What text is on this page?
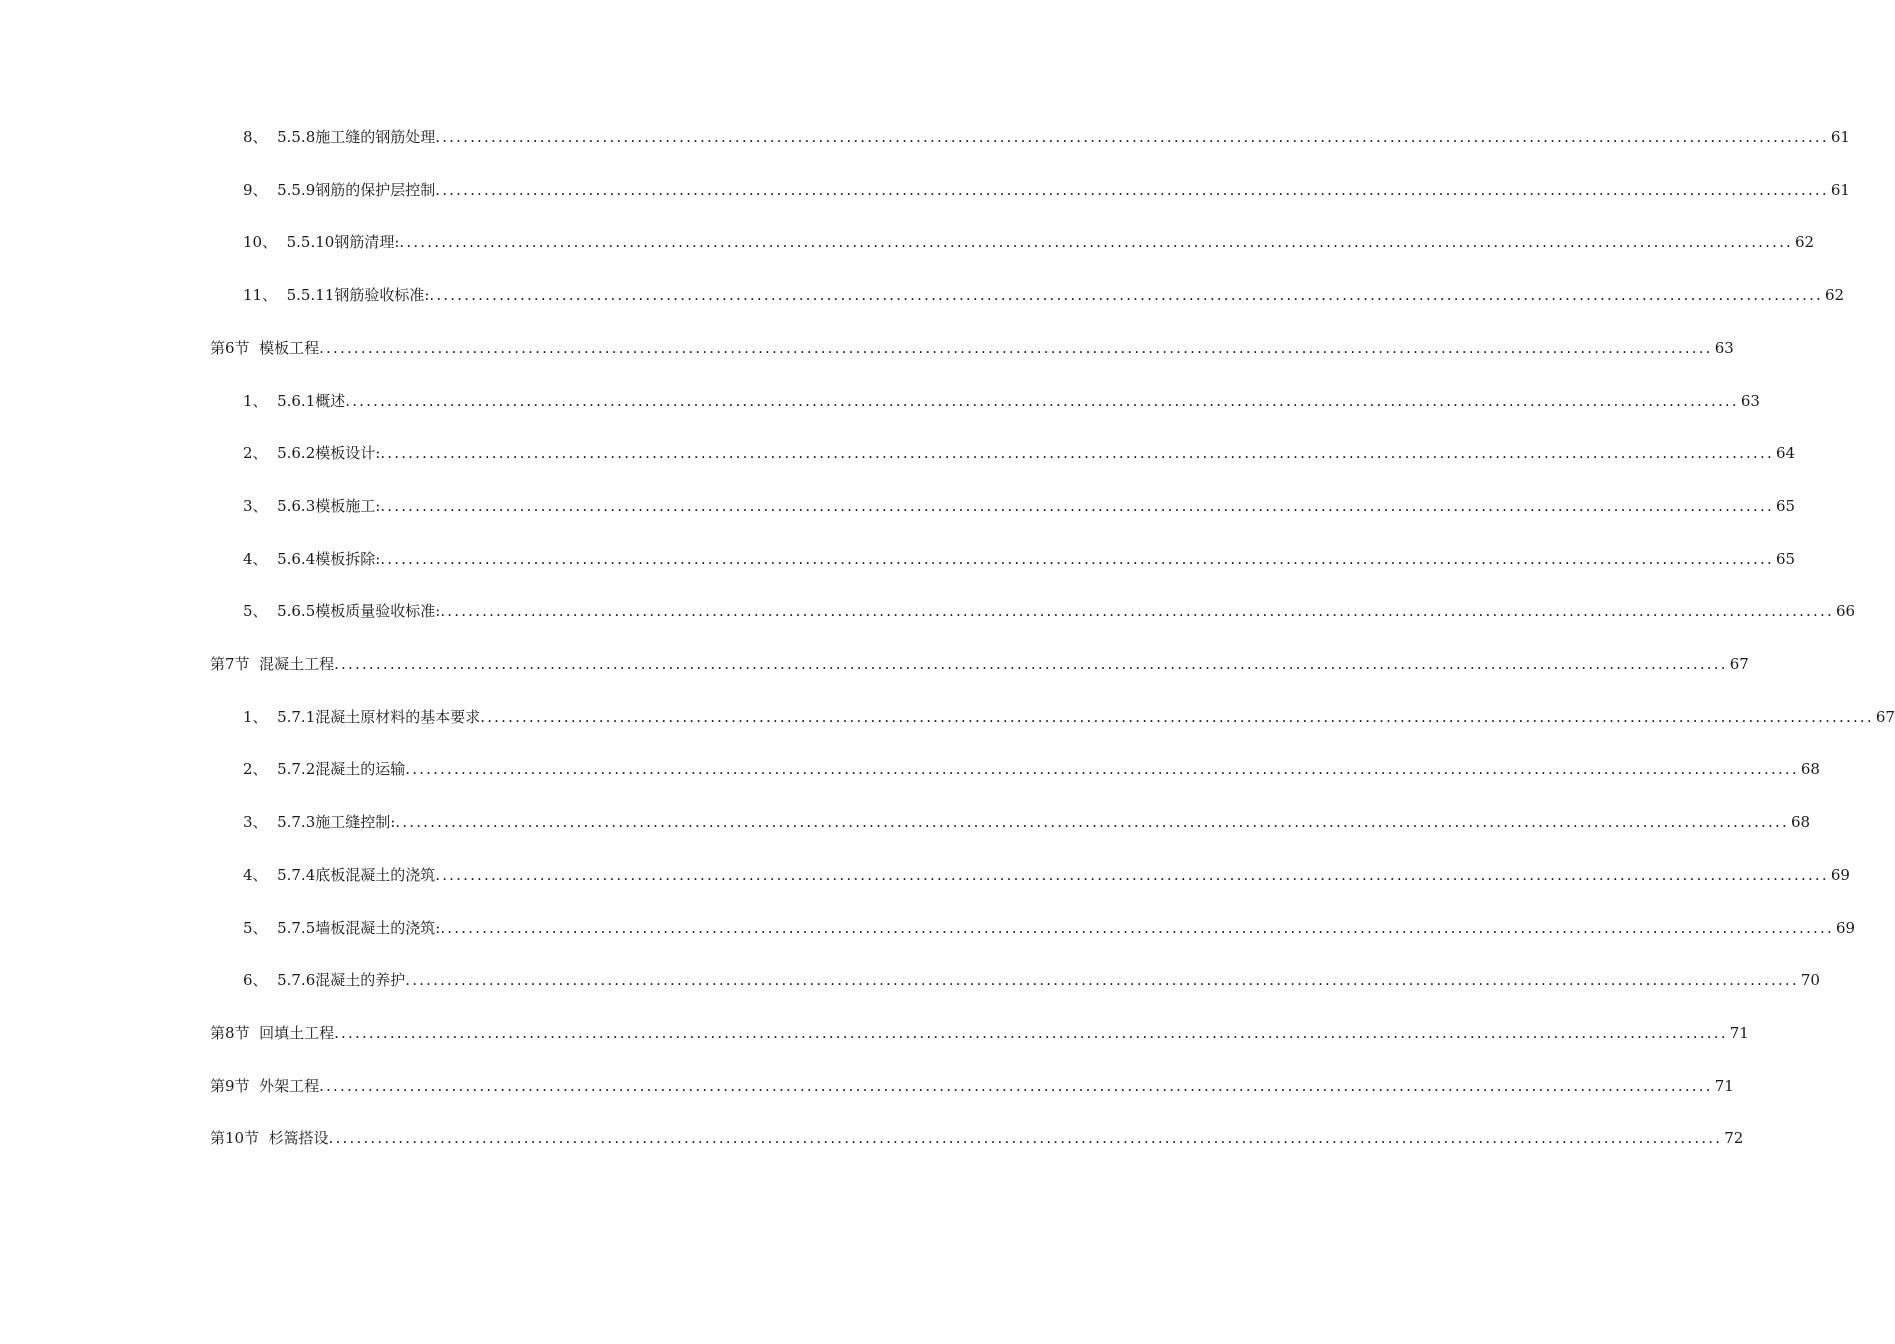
8、  5.5.8施工缝的钢筋处理 ........................................................................................................................................................................................................ 61
9、  5.5.9钢筋的保护层控制 ........................................................................................................................................................................................................ 61
10、  5.5.10钢筋清理: ........................................................................................................................................................................................................ 62
11、  5.5.11钢筋验收标准: ........................................................................................................................................................................................................ 62
第6节  模板工程 ........................................................................................................................................................................................................ 63
1、  5.6.1概述 ........................................................................................................................................................................................................ 63
2、  5.6.2模板设计: ........................................................................................................................................................................................................ 64
3、  5.6.3模板施工: ........................................................................................................................................................................................................ 65
4、  5.6.4模板拆除: ........................................................................................................................................................................................................ 65
5、  5.6.5模板质量验收标准: ........................................................................................................................................................................................................ 66
第7节  混凝土工程 ........................................................................................................................................................................................................ 67
1、  5.7.1混凝土原材料的基本要求 ........................................................................................................................................................................................................ 67
2、  5.7.2混凝土的运输 ........................................................................................................................................................................................................ 68
3、  5.7.3施工缝控制: ........................................................................................................................................................................................................ 68
4、  5.7.4底板混凝土的浇筑 ........................................................................................................................................................................................................ 69
5、  5.7.5墙板混凝土的浇筑: ........................................................................................................................................................................................................ 69
6、  5.7.6混凝土的养护 ........................................................................................................................................................................................................ 70
第8节  回填土工程 ........................................................................................................................................................................................................ 71
第9节  外架工程 ........................................................................................................................................................................................................ 71
第10节  杉篙搭设 ........................................................................................................................................................................................................ 72
